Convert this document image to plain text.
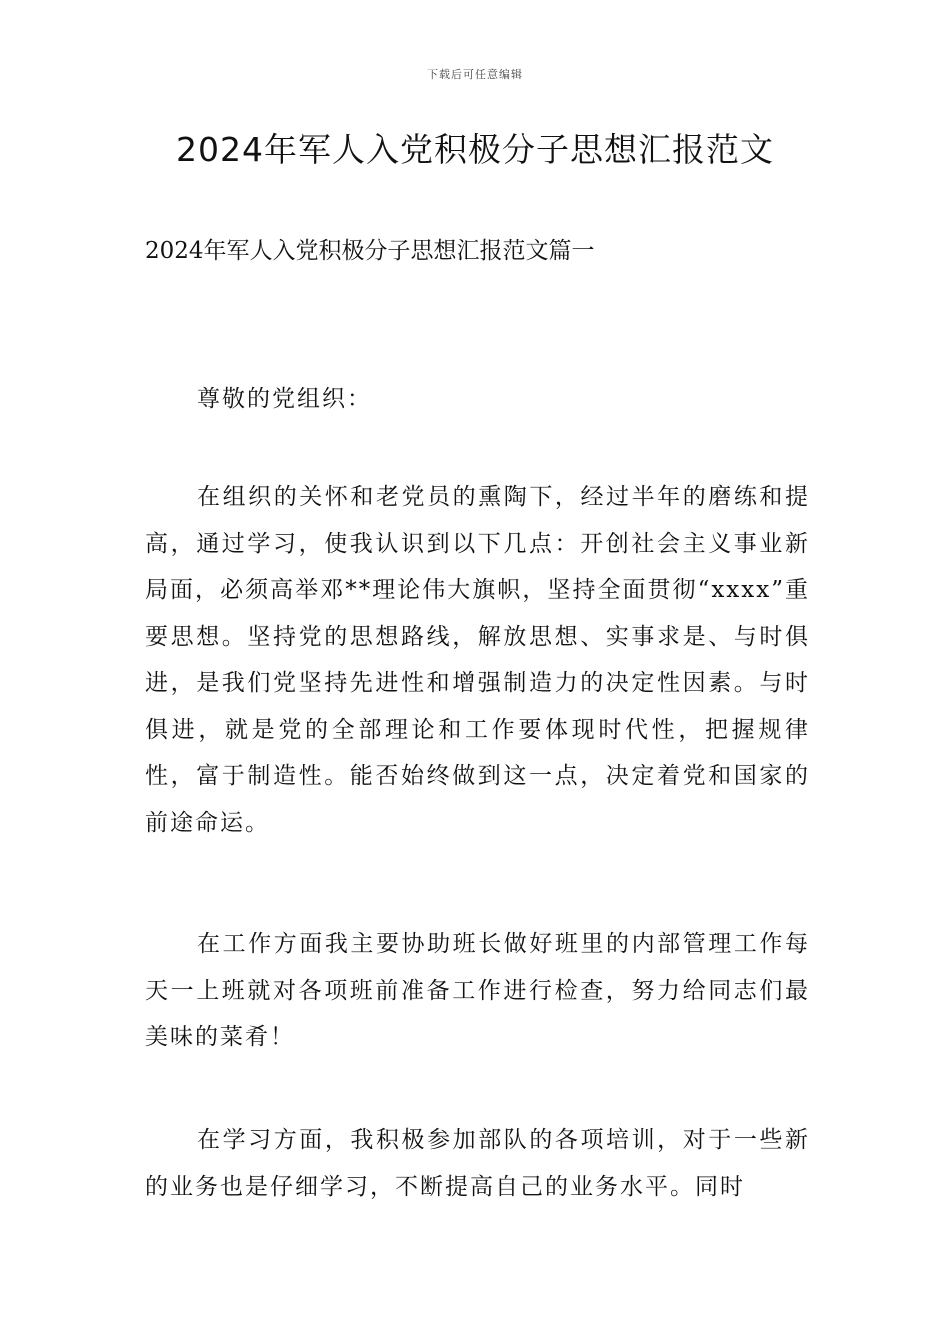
下载后可任意编辑
2024年军人入党积极分子思想汇报范文

2024年军人入党积极分子思想汇报范文篇一

尊敬的党组织：

在组织的关怀和老党员的熏陶下，经过半年的磨练和提高，通过学习，使我认识到以下几点：开创社会主义事业新局面，必须高举邓**理论伟大旗帜，坚持全面贯彻“xxxx”重要思想。坚持党的思想路线，解放思想、实事求是、与时俱进，是我们党坚持先进性和增强制造力的决定性因素。与时俱进，就是党的全部理论和工作要体现时代性，把握规律性，富于制造性。能否始终做到这一点，决定着党和国家的前途命运。

在工作方面我主要协助班长做好班里的内部管理工作每天一上班就对各项班前准备工作进行检查，努力给同志们最美味的菜肴！

在学习方面，我积极参加部队的各项培训，对于一些新的业务也是仔细学习，不断提高自己的业务水平。同时
